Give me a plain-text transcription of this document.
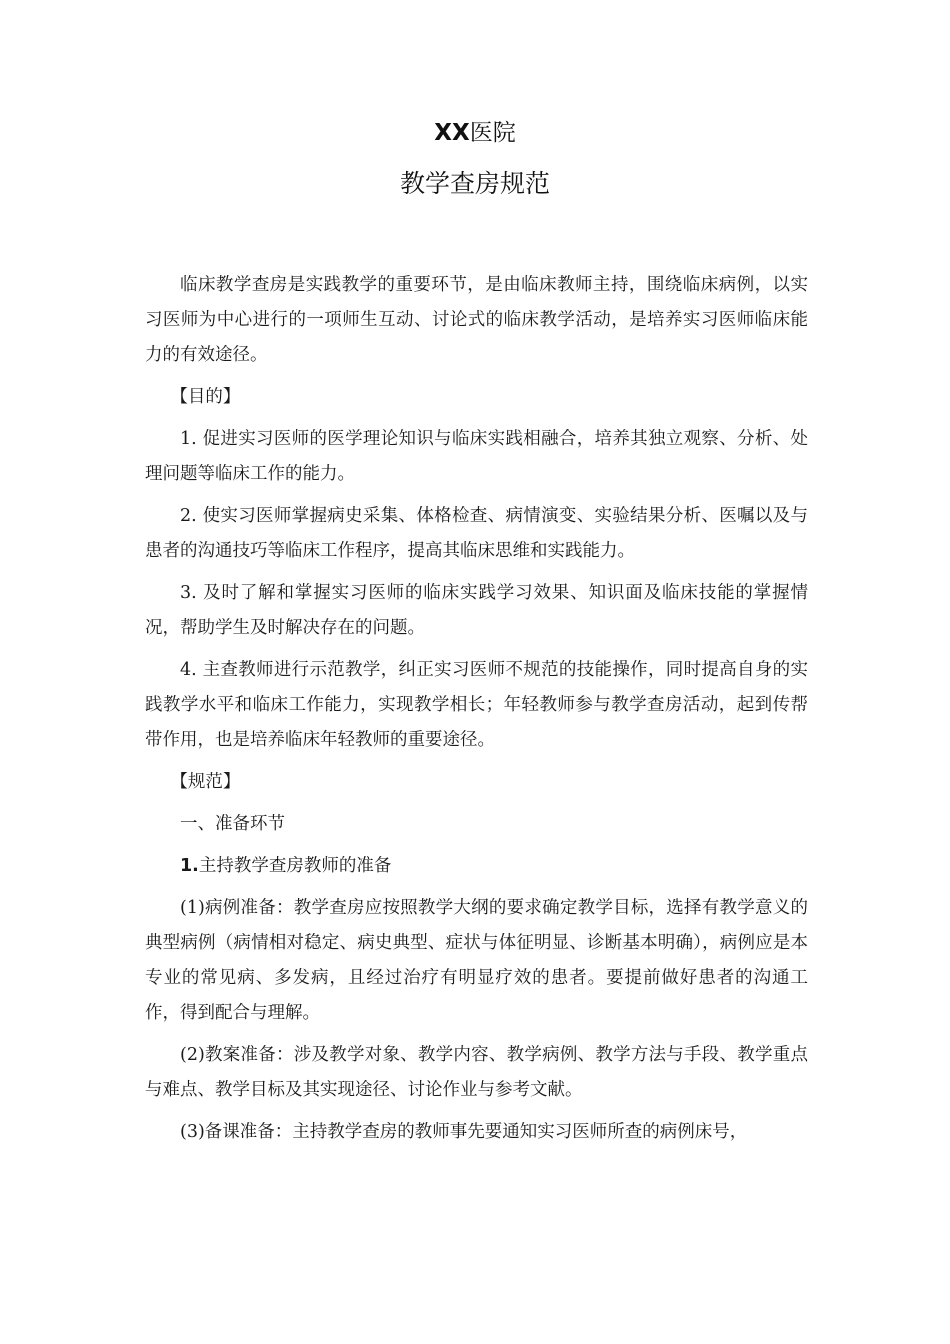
XX医院
教学查房规范

临床教学查房是实践教学的重要环节，是由临床教师主持，围绕临床病例，以实习医师为中心进行的一项师生互动、讨论式的临床教学活动，是培养实习医师临床能力的有效途径。

【目的】

1. 促进实习医师的医学理论知识与临床实践相融合，培养其独立观察、分析、处理问题等临床工作的能力。

2. 使实习医师掌握病史采集、体格检查、病情演变、实验结果分析、医嘱以及与患者的沟通技巧等临床工作程序，提高其临床思维和实践能力。

3. 及时了解和掌握实习医师的临床实践学习效果、知识面及临床技能的掌握情况，帮助学生及时解决存在的问题。

4. 主查教师进行示范教学，纠正实习医师不规范的技能操作，同时提高自身的实践教学水平和临床工作能力，实现教学相长；年轻教师参与教学查房活动，起到传帮带作用，也是培养临床年轻教师的重要途径。

【规范】

一、准备环节

1.主持教学查房教师的准备

(1)病例准备：教学查房应按照教学大纲的要求确定教学目标，选择有教学意义的典型病例（病情相对稳定、病史典型、症状与体征明显、诊断基本明确），病例应是本专业的常见病、多发病，且经过治疗有明显疗效的患者。要提前做好患者的沟通工作，得到配合与理解。

(2)教案准备：涉及教学对象、教学内容、教学病例、教学方法与手段、教学重点与难点、教学目标及其实现途径、讨论作业与参考文献。

(3)备课准备：主持教学查房的教师事先要通知实习医师所查的病例床号，
